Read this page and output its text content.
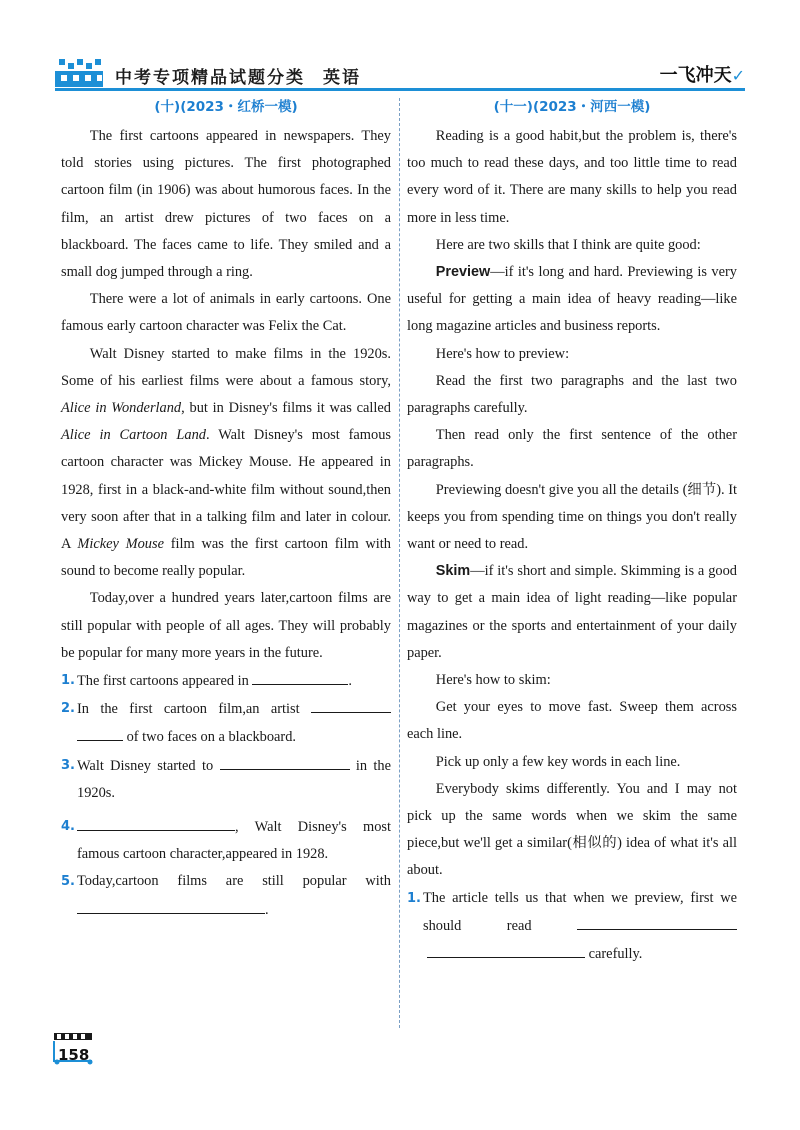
中考专项精品试题分类 英语	一飞冲天✓
(十)(2023・红桥一模)

The first cartoons appeared in newspapers. They told stories using pictures. The first photographed cartoon film (in 1906) was about humorous faces. In the film, an artist drew pictures of two faces on a blackboard. The faces came to life. They smiled and a small dog jumped through a ring.

There were a lot of animals in early cartoons. One famous early cartoon character was Felix the Cat.

Walt Disney started to make films in the 1920s. Some of his earliest films were about a famous story, Alice in Wonderland, but in Disney's films it was called Alice in Cartoon Land. Walt Disney's most famous cartoon character was Mickey Mouse. He appeared in 1928, first in a black-and-white film without sound,then very soon after that in a talking film and later in colour. A Mickey Mouse film was the first cartoon film with sound to become really popular.

Today,over a hundred years later,cartoon films are still popular with people of all ages. They will probably be popular for many more years in the future.

1. The first cartoons appeared in	.
2. In the first cartoon film,an artist   of two faces on a blackboard.
3. Walt Disney started to	in the 1920s.
4.	, Walt Disney's most famous cartoon character,appeared in 1928.
5. Today,cartoon films are still popular with .
(十一)(2023・河西一模)

Reading is a good habit,but the problem is, there's too much to read these days, and too little time to read every word of it. There are many skills to help you read more in less time.

Here are two skills that I think are quite good:

Preview—if it's long and hard. Previewing is very useful for getting a main idea of heavy reading—like long magazine articles and business reports.

Here's how to preview:

Read the first two paragraphs and the last two paragraphs carefully.

Then read only the first sentence of the other paragraphs.

Previewing doesn't give you all the details (细节). It keeps you from spending time on things you don't really want or need to read.

Skim—if it's short and simple. Skimming is a good way to get a main idea of light reading—like popular magazines or the sports and entertainment of your daily paper.

Here's how to skim:

Get your eyes to move fast. Sweep them across each line.

Pick up only a few key words in each line.

Everybody skims differently. You and I may not pick up the same words when we skim the same piece,but we'll get a similar(相似的) idea of what it's all about.

1. The article tells us that when we preview, first we should read   carefully.
158
